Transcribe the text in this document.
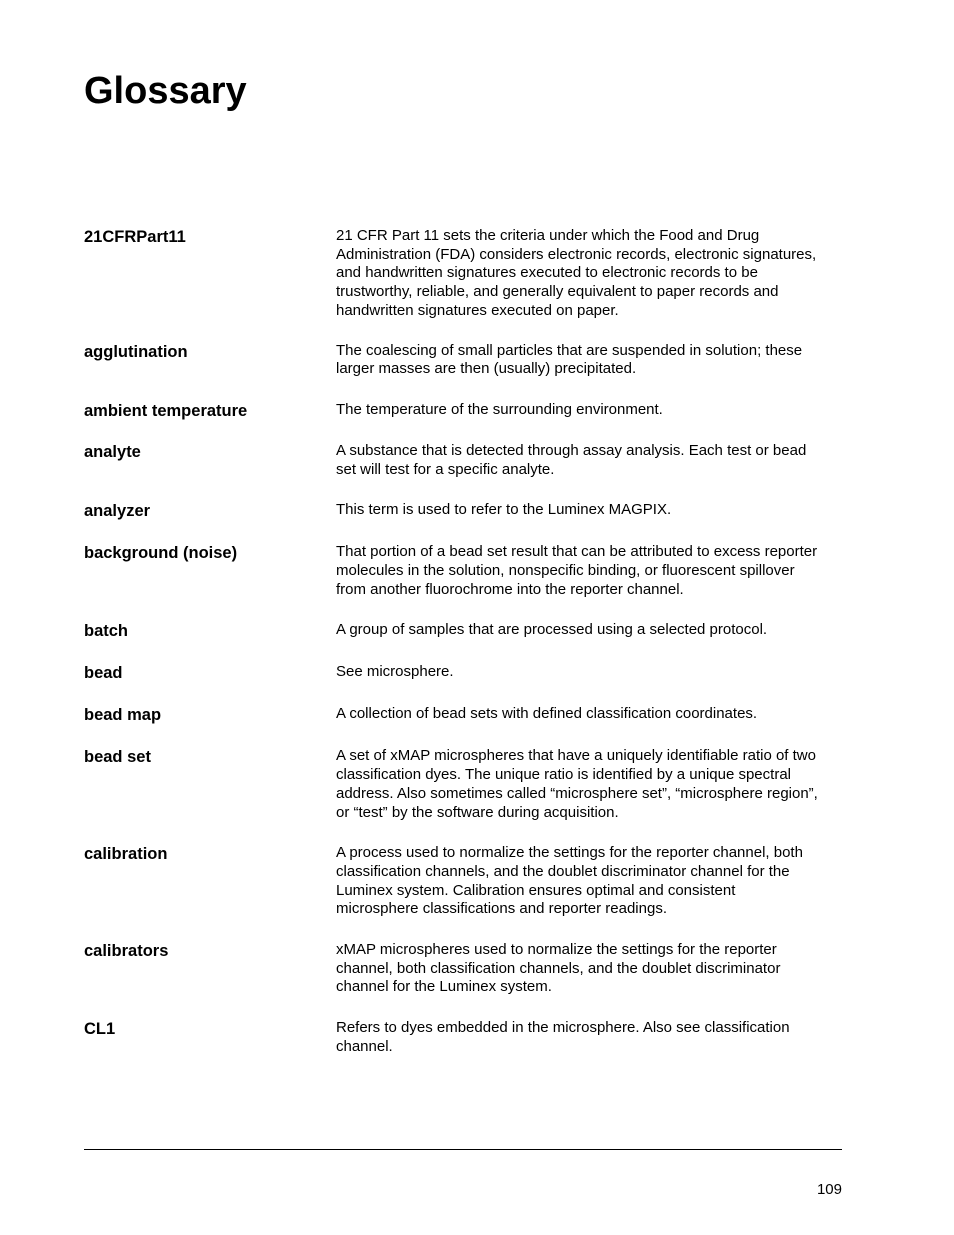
Glossary
21CFRPart11	21 CFR Part 11 sets the criteria under which the Food and Drug
Administration (FDA) considers electronic records, electronic signatures,
and handwritten signatures executed to electronic records to be
trustworthy, reliable, and generally equivalent to paper records and
handwritten signatures executed on paper.
agglutination	The coalescing of small particles that are suspended in solution; these
larger masses are then (usually) precipitated.
ambient temperature	The temperature of the surrounding environment.
analyte	A substance that is detected through assay analysis. Each test or bead
set will test for a specific analyte.
analyzer	This term is used to refer to the Luminex MAGPIX.
background (noise)	That portion of a bead set result that can be attributed to excess reporter
molecules in the solution, nonspecific binding, or fluorescent spillover
from another fluorochrome into the reporter channel.
batch	A group of samples that are processed using a selected protocol.
bead	See microsphere.
bead map	A collection of bead sets with defined classification coordinates.
bead set	A set of xMAP microspheres that have a uniquely identifiable ratio of two
classification dyes. The unique ratio is identified by a unique spectral
address. Also sometimes called “microsphere set”, “microsphere region”,
or “test” by the software during acquisition.
calibration	A process used to normalize the settings for the reporter channel, both
classification channels, and the doublet discriminator channel for the
Luminex system. Calibration ensures optimal and consistent
microsphere classifications and reporter readings.
calibrators	xMAP microspheres used to normalize the settings for the reporter
channel, both classification channels, and the doublet discriminator
channel for the Luminex system.
CL1	Refers to dyes embedded in the microsphere. Also see classification
channel.
109
